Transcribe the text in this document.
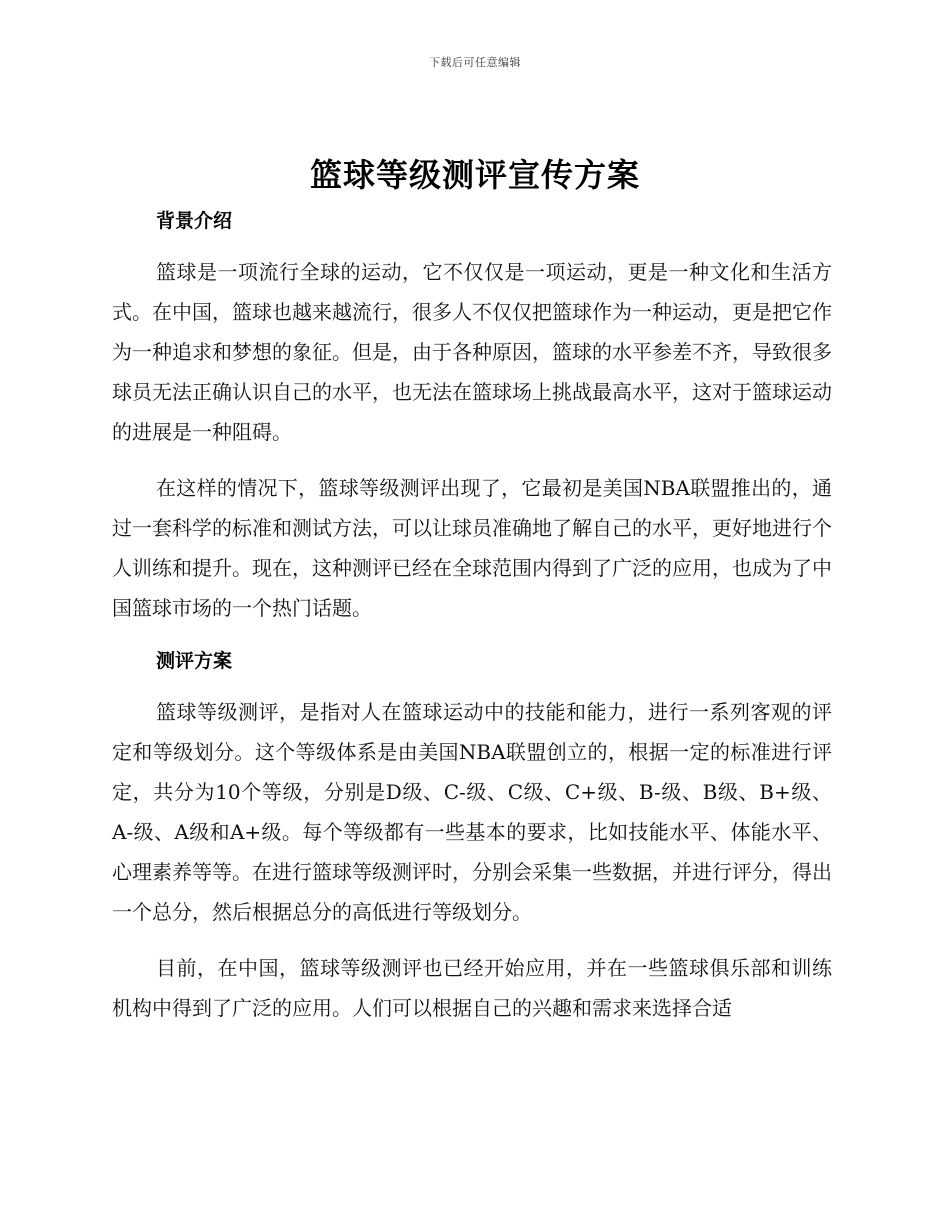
下载后可任意编辑
篮球等级测评宣传方案
背景介绍

篮球是一项流行全球的运动，它不仅仅是一项运动，更是一种文化和生活方式。在中国，篮球也越来越流行，很多人不仅仅把篮球作为一种运动，更是把它作为一种追求和梦想的象征。但是，由于各种原因，篮球的水平参差不齐，导致很多球员无法正确认识自己的水平，也无法在篮球场上挑战最高水平，这对于篮球运动的进展是一种阻碍。

在这样的情况下，篮球等级测评出现了，它最初是美国NBA联盟推出的，通过一套科学的标准和测试方法，可以让球员准确地了解自己的水平，更好地进行个人训练和提升。现在，这种测评已经在全球范围内得到了广泛的应用，也成为了中国篮球市场的一个热门话题。

测评方案

篮球等级测评，是指对人在篮球运动中的技能和能力，进行一系列客观的评定和等级划分。这个等级体系是由美国NBA联盟创立的，根据一定的标准进行评定，共分为10个等级，分别是D级、C-级、C级、C+级、B-级、B级、B+级、A-级、A级和A+级。每个等级都有一些基本的要求，比如技能水平、体能水平、心理素养等等。在进行篮球等级测评时，分别会采集一些数据，并进行评分，得出一个总分，然后根据总分的高低进行等级划分。

目前，在中国，篮球等级测评也已经开始应用，并在一些篮球俱乐部和训练机构中得到了广泛的应用。人们可以根据自己的兴趣和需求来选择合适
